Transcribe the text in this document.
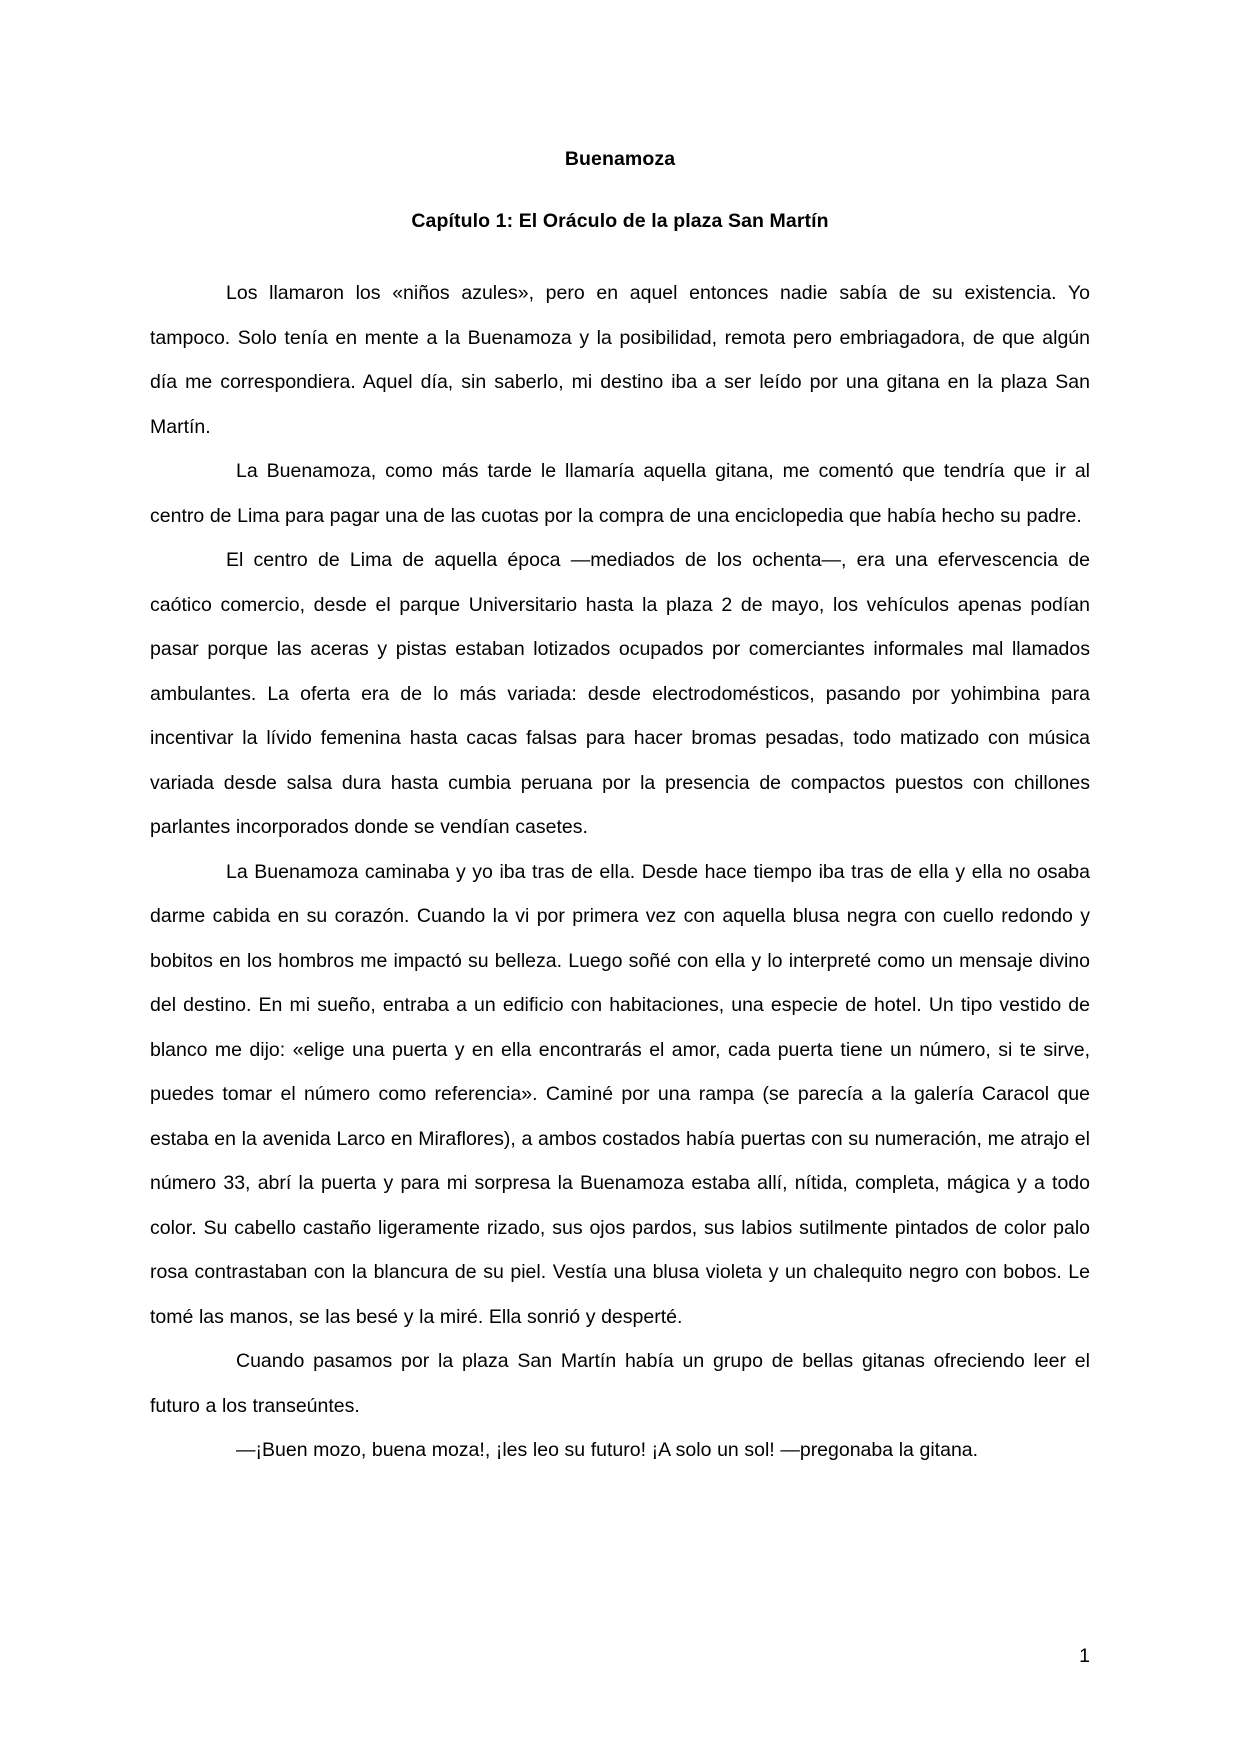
Buenamoza
Capítulo 1: El Oráculo de la plaza San Martín

Los llamaron los «niños azules», pero en aquel entonces nadie sabía de su existencia. Yo tampoco. Solo tenía en mente a la Buenamoza y la posibilidad, remota pero embriagadora, de que algún día me correspondiera. Aquel día, sin saberlo, mi destino iba a ser leído por una gitana en la plaza San Martín.

La Buenamoza, como más tarde le llamaría aquella gitana, me comentó que tendría que ir al centro de Lima para pagar una de las cuotas por la compra de una enciclopedia que había hecho su padre.

El centro de Lima de aquella época —mediados de los ochenta—, era una efervescencia de caótico comercio, desde el parque Universitario hasta la plaza 2 de mayo, los vehículos apenas podían pasar porque las aceras y pistas estaban lotizados ocupados por comerciantes informales mal llamados ambulantes. La oferta era de lo más variada: desde electrodomésticos, pasando por yohimbina para incentivar la lívido femenina hasta cacas falsas para hacer bromas pesadas, todo matizado con música variada desde salsa dura hasta cumbia peruana por la presencia de compactos puestos con chillones parlantes incorporados donde se vendían casetes.

La Buenamoza caminaba y yo iba tras de ella. Desde hace tiempo iba tras de ella y ella no osaba darme cabida en su corazón. Cuando la vi por primera vez con aquella blusa negra con cuello redondo y bobitos en los hombros me impactó su belleza. Luego soñé con ella y lo interpreté como un mensaje divino del destino. En mi sueño, entraba a un edificio con habitaciones, una especie de hotel. Un tipo vestido de blanco me dijo: «elige una puerta y en ella encontrarás el amor, cada puerta tiene un número, si te sirve, puedes tomar el número como referencia». Caminé por una rampa (se parecía a la galería Caracol que estaba en la avenida Larco en Miraflores), a ambos costados había puertas con su numeración, me atrajo el número 33, abrí la puerta y para mi sorpresa la Buenamoza estaba allí, nítida, completa, mágica y a todo color. Su cabello castaño ligeramente rizado, sus ojos pardos, sus labios sutilmente pintados de color palo rosa contrastaban con la blancura de su piel. Vestía una blusa violeta y un chalequito negro con bobos. Le tomé las manos, se las besé y la miré. Ella sonrió y desperté.

Cuando pasamos por la plaza San Martín había un grupo de bellas gitanas ofreciendo leer el futuro a los transeúntes.

—¡Buen mozo, buena moza!, ¡les leo su futuro! ¡A solo un sol! —pregonaba la gitana.

1
